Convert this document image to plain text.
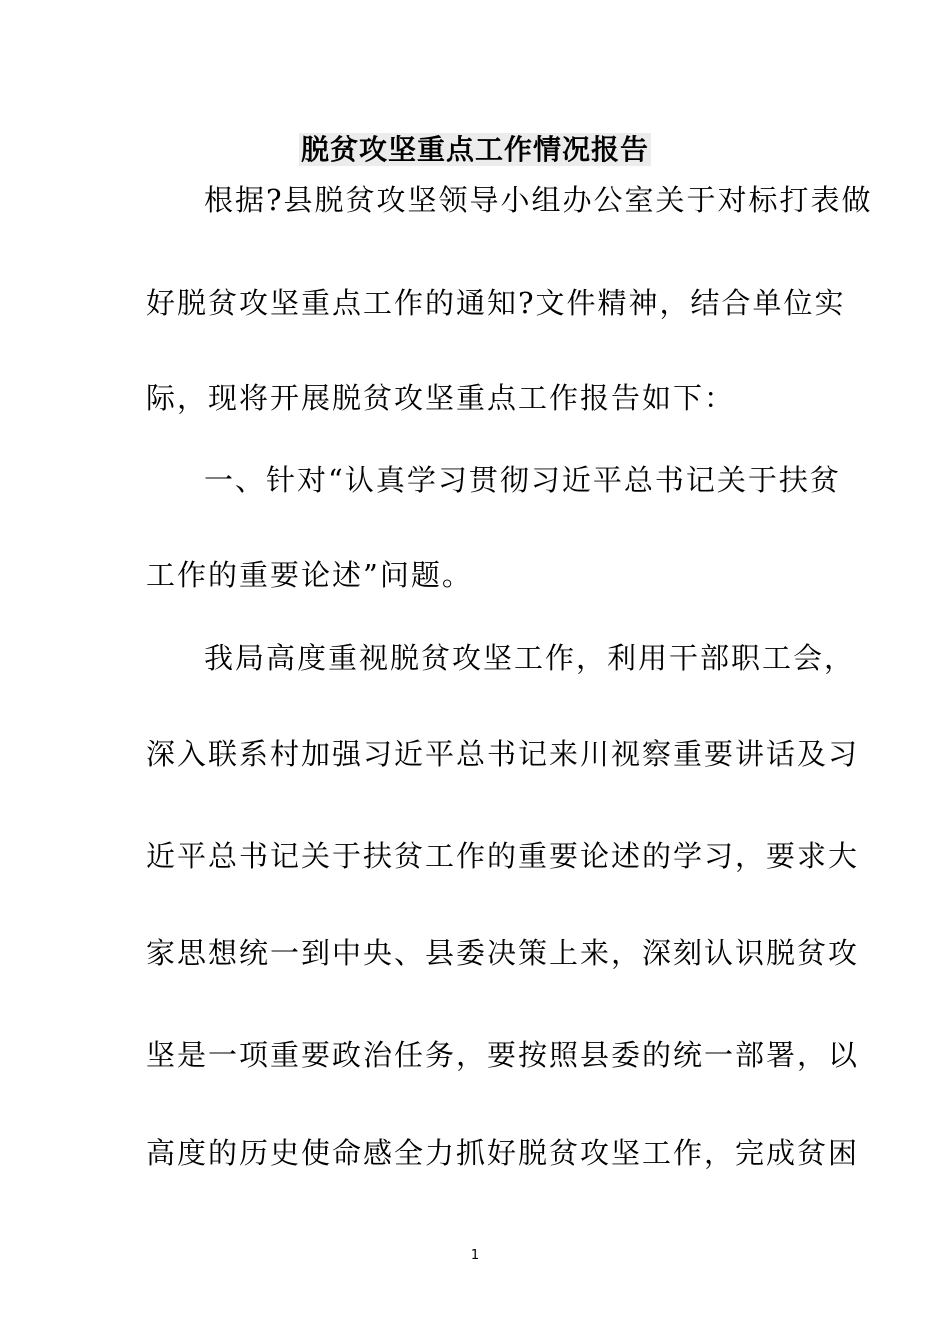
脱贫攻坚重点工作情况报告
根据?县脱贫攻坚领导小组办公室关于对标打表做
好脱贫攻坚重点工作的通知?文件精神，结合单位实
际，现将开展脱贫攻坚重点工作报告如下：
一、针对“认真学习贯彻习近平总书记关于扶贫
工作的重要论述”问题。
我局高度重视脱贫攻坚工作，利用干部职工会，
深入联系村加强习近平总书记来川视察重要讲话及习
近平总书记关于扶贫工作的重要论述的学习，要求大
家思想统一到中央、县委决策上来，深刻认识脱贫攻
坚是一项重要政治任务，要按照县委的统一部署，以
高度的历史使命感全力抓好脱贫攻坚工作，完成贫困
1
